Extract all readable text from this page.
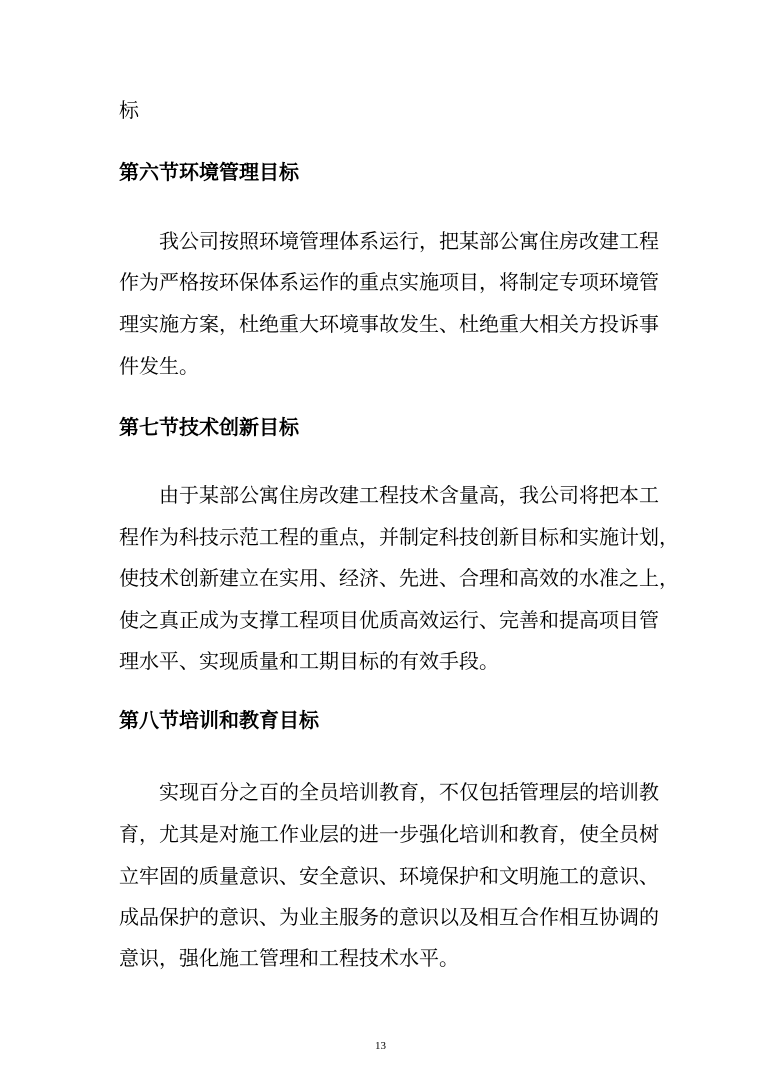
标
第六节环境管理目标
我公司按照环境管理体系运行，把某部公寓住房改建工程
作为严格按环保体系运作的重点实施项目，将制定专项环境管
理实施方案，杜绝重大环境事故发生、杜绝重大相关方投诉事
件发生。
第七节技术创新目标
由于某部公寓住房改建工程技术含量高，我公司将把本工
程作为科技示范工程的重点，并制定科技创新目标和实施计划，
使技术创新建立在实用、经济、先进、合理和高效的水准之上，
使之真正成为支撑工程项目优质高效运行、完善和提高项目管
理水平、实现质量和工期目标的有效手段。
第八节培训和教育目标
实现百分之百的全员培训教育，不仅包括管理层的培训教
育，尤其是对施工作业层的进一步强化培训和教育，使全员树
立牢固的质量意识、安全意识、环境保护和文明施工的意识、
成品保护的意识、为业主服务的意识以及相互合作相互协调的
意识，强化施工管理和工程技术水平。
13
